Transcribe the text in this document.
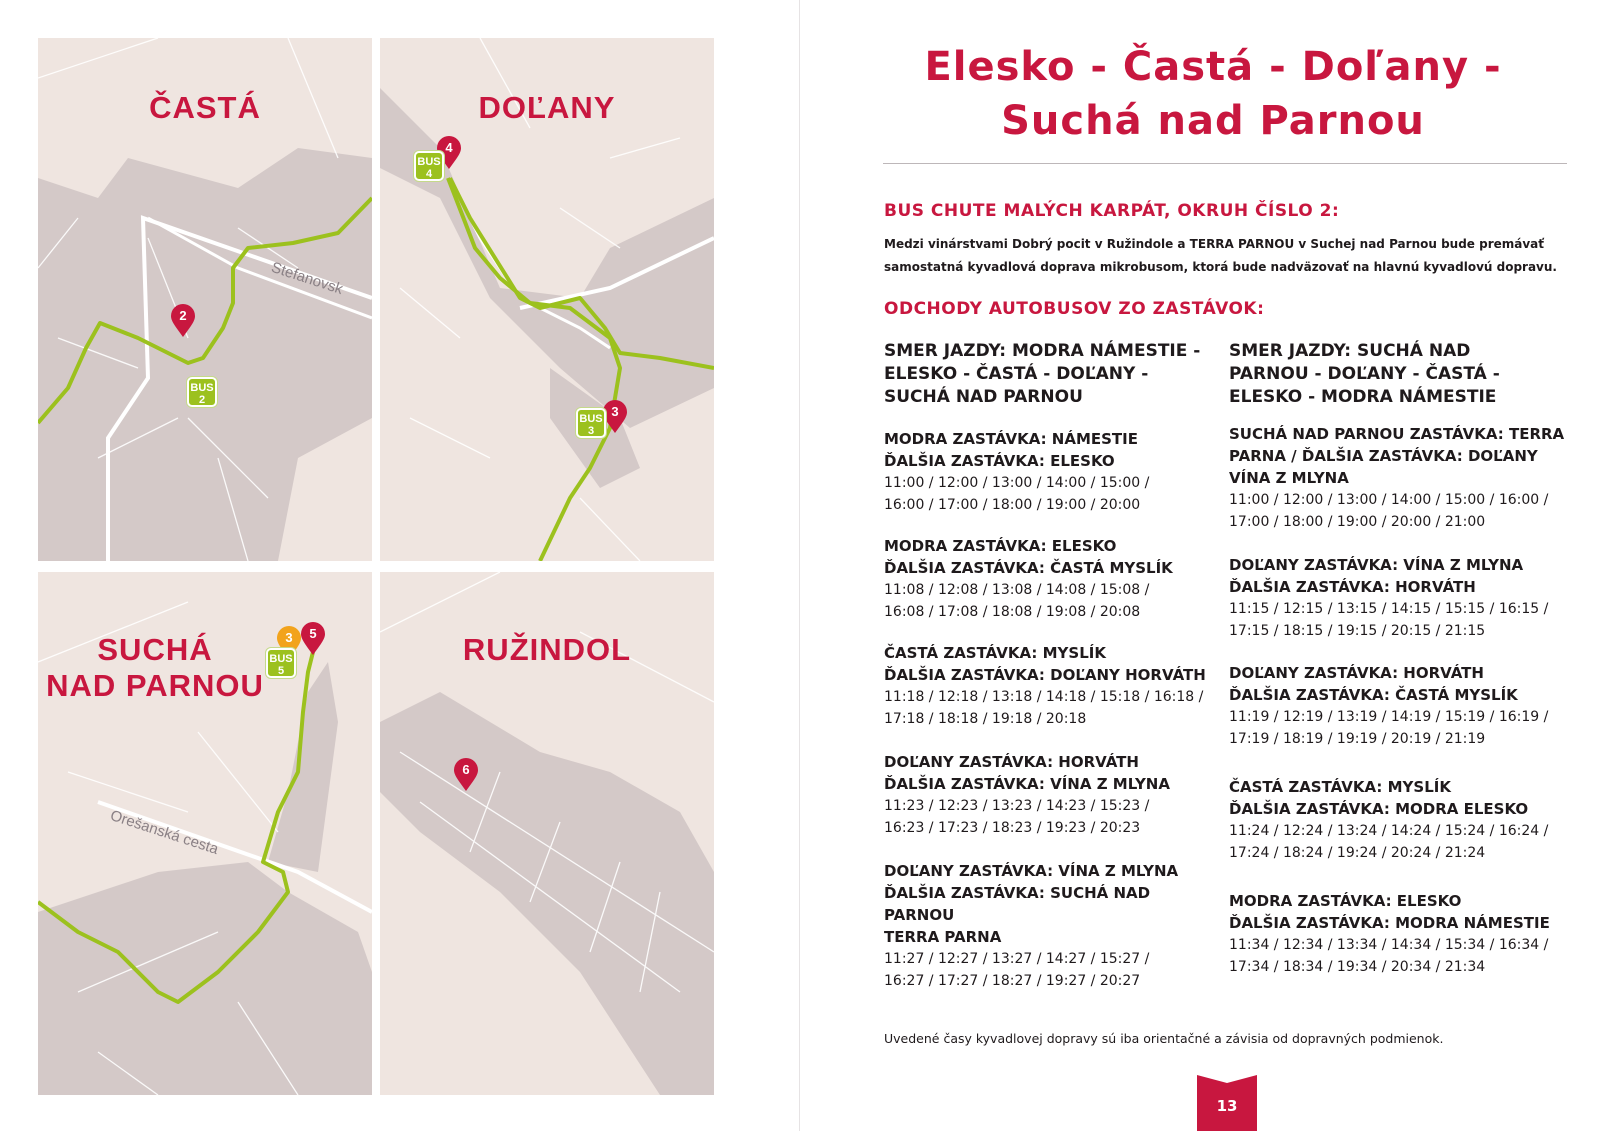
ČASTÁ
Stefanovsk
2
BUS
2
DOĽANY
4
BUS
4
3
BUS
3
SUCHÁ
NAD PARNOU
Orešanská cesta
3	5
BUS
5
RUŽINDOL
6
Elesko - Častá - Doľany -
Suchá nad Parnou
BUS CHUTE MALÝCH KARPÁT, OKRUH ČÍSLO 2:
Medzi vinárstvami Dobrý pocit v Ružindole a TERRA PARNOU v Suchej nad Parnou bude premávať
samostatná kyvadlová doprava mikrobusom, ktorá bude nadväzovať na hlavnú kyvadlovú dopravu.
ODCHODY AUTOBUSOV ZO ZASTÁVOK:
SMER JAZDY: MODRA NÁMESTIE -
ELESKO - ČASTÁ - DOĽANY -
SUCHÁ NAD PARNOU
MODRA ZASTÁVKA: NÁMESTIE
ĎALŠIA ZASTÁVKA: ELESKO
11:00 / 12:00 / 13:00 / 14:00 / 15:00 /
16:00 / 17:00 / 18:00 / 19:00 / 20:00
MODRA ZASTÁVKA: ELESKO
ĎALŠIA ZASTÁVKA: ČASTÁ MYSLÍK
11:08 / 12:08 / 13:08 / 14:08 / 15:08 /
16:08 / 17:08 / 18:08 / 19:08 / 20:08
ČASTÁ ZASTÁVKA: MYSLÍK
ĎALŠIA ZASTÁVKA: DOĽANY HORVÁTH
11:18 / 12:18 / 13:18 / 14:18 / 15:18 / 16:18 /
17:18 / 18:18 / 19:18 / 20:18
DOĽANY ZASTÁVKA: HORVÁTH
ĎALŠIA ZASTÁVKA: VÍNA Z MLYNA
11:23 / 12:23 / 13:23 / 14:23 / 15:23 /
16:23 / 17:23 / 18:23 / 19:23 / 20:23
DOĽANY ZASTÁVKA: VÍNA Z MLYNA
ĎALŠIA ZASTÁVKA: SUCHÁ NAD PARNOU
TERRA PARNA
11:27 / 12:27 / 13:27 / 14:27 / 15:27 /
16:27 / 17:27 / 18:27 / 19:27 / 20:27
SMER JAZDY: SUCHÁ NAD
PARNOU - DOĽANY - ČASTÁ -
ELESKO - MODRA NÁMESTIE
SUCHÁ NAD PARNOU ZASTÁVKA: TERRA
PARNA / ĎALŠIA ZASTÁVKA: DOĽANY
VÍNA Z MLYNA
11:00 / 12:00 / 13:00 / 14:00 / 15:00 / 16:00 /
17:00 / 18:00 / 19:00 / 20:00 / 21:00
DOĽANY ZASTÁVKA: VÍNA Z MLYNA
ĎALŠIA ZASTÁVKA: HORVÁTH
11:15 / 12:15 / 13:15 / 14:15 / 15:15 / 16:15 /
17:15 / 18:15 / 19:15 / 20:15 / 21:15
DOĽANY ZASTÁVKA: HORVÁTH
ĎALŠIA ZASTÁVKA: ČASTÁ MYSLÍK
11:19 / 12:19 / 13:19 / 14:19 / 15:19 / 16:19 /
17:19 / 18:19 / 19:19 / 20:19 / 21:19
ČASTÁ ZASTÁVKA: MYSLÍK
ĎALŠIA ZASTÁVKA: MODRA ELESKO
11:24 / 12:24 / 13:24 / 14:24 / 15:24 / 16:24 /
17:24 / 18:24 / 19:24 / 20:24 / 21:24
MODRA ZASTÁVKA: ELESKO
ĎALŠIA ZASTÁVKA: MODRA NÁMESTIE
11:34 / 12:34 / 13:34 / 14:34 / 15:34 / 16:34 /
17:34 / 18:34 / 19:34 / 20:34 / 21:34
Uvedené časy kyvadlovej dopravy sú iba orientačné a závisia od dopravných podmienok.
13
